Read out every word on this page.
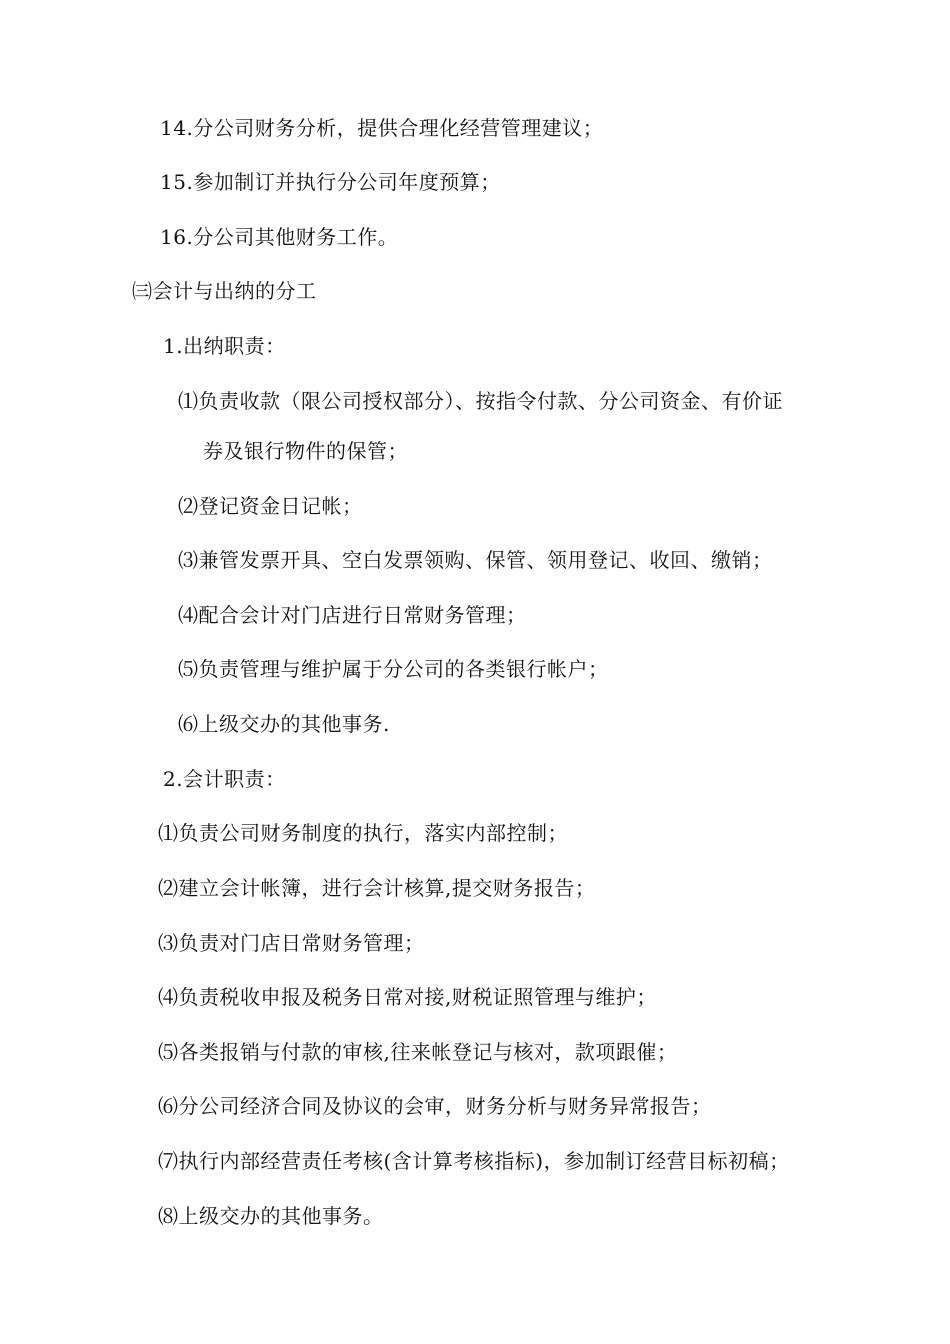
14.分公司财务分析，提供合理化经营管理建议；
15.参加制订并执行分公司年度预算；
16.分公司其他财务工作。
㈢会计与出纳的分工
1.出纳职责：
⑴负责收款（限公司授权部分）、按指令付款、分公司资金、有价证
券及银行物件的保管；
⑵登记资金日记帐；
⑶兼管发票开具、空白发票领购、保管、领用登记、收回、缴销；
⑷配合会计对门店进行日常财务管理；
⑸负责管理与维护属于分公司的各类银行帐户；
⑹上级交办的其他事务.
2.会计职责：
⑴负责公司财务制度的执行，落实内部控制；
⑵建立会计帐簿，进行会计核算,提交财务报告；
⑶负责对门店日常财务管理；
⑷负责税收申报及税务日常对接,财税证照管理与维护；
⑸各类报销与付款的审核,往来帐登记与核对，款项跟催；
⑹分公司经济合同及协议的会审，财务分析与财务异常报告；
⑺执行内部经营责任考核(含计算考核指标)，参加制订经营目标初稿；
⑻上级交办的其他事务。
